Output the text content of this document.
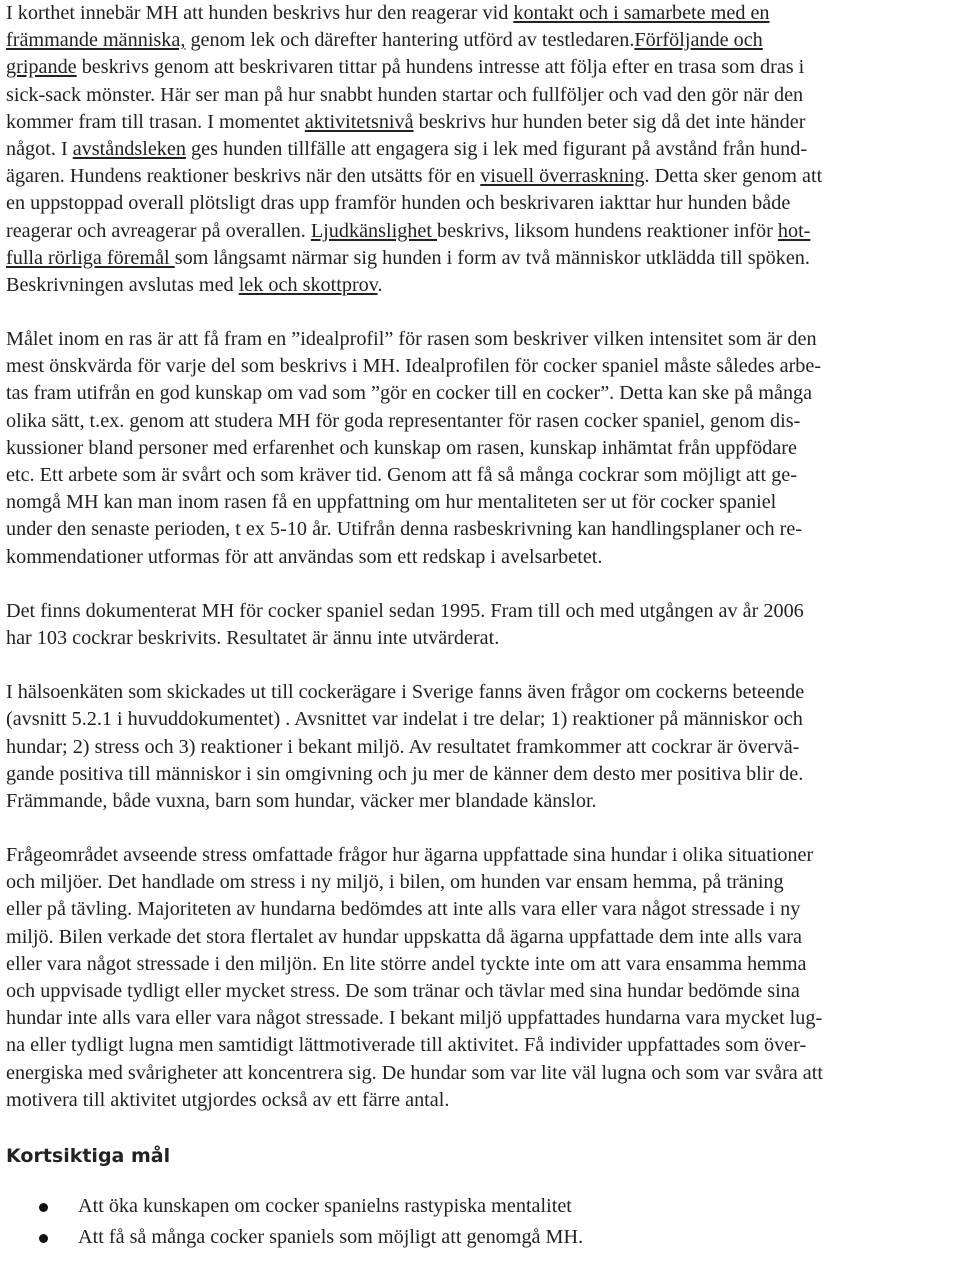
I korthet innebär MH att hunden beskrivs hur den reagerar vid kontakt och i samarbete med en
främmande människa, genom lek och därefter hantering utförd av testledaren.Förföljande och
gripande beskrivs genom att beskrivaren tittar på hundens intresse att följa efter en trasa som dras i
sick-sack mönster. Här ser man på hur snabbt hunden startar och fullföljer och vad den gör när den
kommer fram till trasan. I momentet aktivitetsnivå beskrivs hur hunden beter sig då det inte händer
något. I avståndsleken ges hunden tillfälle att engagera sig i lek med figurant på avstånd från hund-
ägaren. Hundens reaktioner beskrivs när den utsätts för en visuell överraskning. Detta sker genom att
en uppstoppad overall plötsligt dras upp framför hunden och beskrivaren iakttar hur hunden både
reagerar och avreagerar på overallen. Ljudkänslighet beskrivs, liksom hundens reaktioner inför hot-
fulla rörliga föremål som långsamt närmar sig hunden i form av två människor utklädda till spöken.
Beskrivningen avslutas med lek och skottprov.
Målet inom en ras är att få fram en ”idealprofil” för rasen som beskriver vilken intensitet som är den
mest önskvärda för varje del som beskrivs i MH. Idealprofilen för cocker spaniel måste således arbe-
tas fram utifrån en god kunskap om vad som ”gör en cocker till en cocker”. Detta kan ske på många
olika sätt, t.ex. genom att studera MH för goda representanter för rasen cocker spaniel, genom dis-
kussioner bland personer med erfarenhet och kunskap om rasen, kunskap inhämtat från uppfödare
etc. Ett arbete som är svårt och som kräver tid. Genom att få så många cockrar som möjligt att ge-
nomgå MH kan man inom rasen få en uppfattning om hur mentaliteten ser ut för cocker spaniel
under den senaste perioden, t ex 5-10 år. Utifrån denna rasbeskrivning kan handlingsplaner och re-
kommendationer utformas för att användas som ett redskap i avelsarbetet.
Det finns dokumenterat MH för cocker spaniel sedan 1995. Fram till och med utgången av år 2006
har 103 cockrar beskrivits. Resultatet är ännu inte utvärderat.
I hälsoenkäten som skickades ut till cockerägare i Sverige fanns även frågor om cockerns beteende
(avsnitt 5.2.1 i huvuddokumentet) . Avsnittet var indelat i tre delar; 1) reaktioner på människor och
hundar; 2) stress och 3) reaktioner i bekant miljö. Av resultatet framkommer att cockrar är övervä-
gande positiva till människor i sin omgivning och ju mer de känner dem desto mer positiva blir de.
Främmande, både vuxna, barn som hundar, väcker mer blandade känslor.
Frågeområdet avseende stress omfattade frågor hur ägarna uppfattade sina hundar i olika situationer
och miljöer. Det handlade om stress i ny miljö, i bilen, om hunden var ensam hemma, på träning
eller på tävling. Majoriteten av hundarna bedömdes att inte alls vara eller vara något stressade i ny
miljö. Bilen verkade det stora flertalet av hundar uppskatta då ägarna uppfattade dem inte alls vara
eller vara något stressade i den miljön. En lite större andel tyckte inte om att vara ensamma hemma
och uppvisade tydligt eller mycket stress. De som tränar och tävlar med sina hundar bedömde sina
hundar inte alls vara eller vara något stressade. I bekant miljö uppfattades hundarna vara mycket lug-
na eller tydligt lugna men samtidigt lättmotiverade till aktivitet. Få individer uppfattades som över-
energiska med svårigheter att koncentrera sig. De hundar som var lite väl lugna och som var svåra att
motivera till aktivitet utgjordes också av ett färre antal.
Kortsiktiga mål
Att öka kunskapen om cocker spanielns rastypiska mentalitet
Att få så många cocker spaniels som möjligt att genomgå MH.
